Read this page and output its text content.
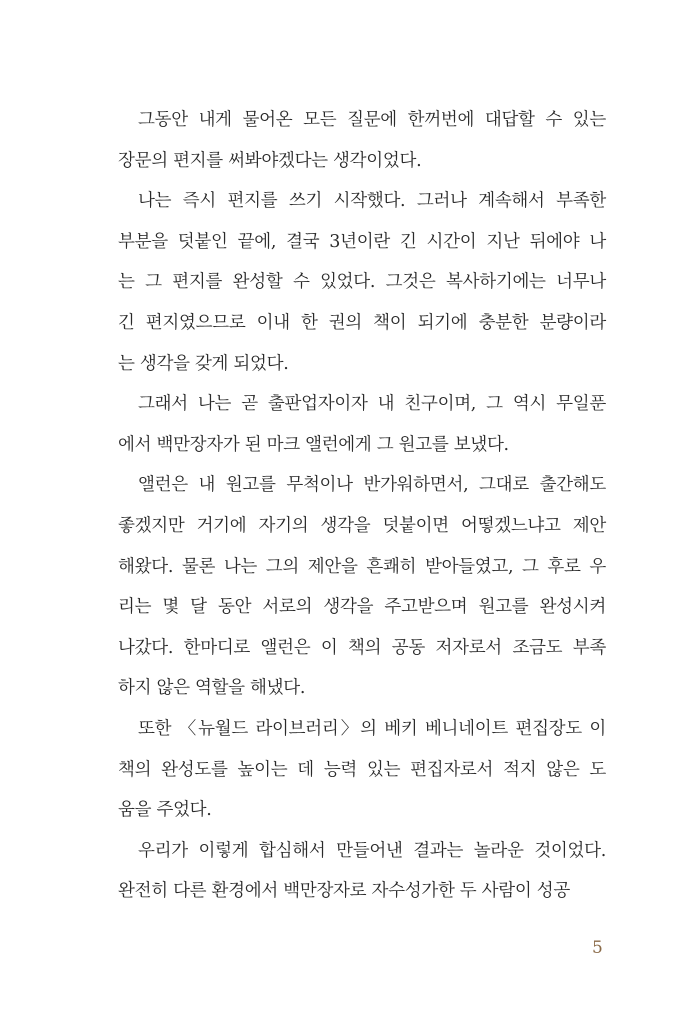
그동안 내게 물어온 모든 질문에 한꺼번에 대답할 수 있는
장문의 편지를 써봐야겠다는 생각이었다.
나는 즉시 편지를 쓰기 시작했다. 그러나 계속해서 부족한
부분을 덧붙인 끝에, 결국 3년이란 긴 시간이 지난 뒤에야 나
는 그 편지를 완성할 수 있었다. 그것은 복사하기에는 너무나
긴 편지였으므로 이내 한 권의 책이 되기에 충분한 분량이라
는 생각을 갖게 되었다.
그래서 나는 곧 출판업자이자 내 친구이며, 그 역시 무일푼
에서 백만장자가 된 마크 앨런에게 그 원고를 보냈다.
앨런은 내 원고를 무척이나 반가워하면서, 그대로 출간해도
좋겠지만 거기에 자기의 생각을 덧붙이면 어떻겠느냐고 제안
해왔다. 물론 나는 그의 제안을 흔쾌히 받아들였고, 그 후로 우
리는 몇 달 동안 서로의 생각을 주고받으며 원고를 완성시켜
나갔다. 한마디로 앨런은 이 책의 공동 저자로서 조금도 부족
하지 않은 역할을 해냈다.
또한 〈뉴월드 라이브러리〉의 베키 베니네이트 편집장도 이
책의 완성도를 높이는 데 능력 있는 편집자로서 적지 않은 도
움을 주었다.
우리가 이렇게 합심해서 만들어낸 결과는 놀라운 것이었다.
완전히 다른 환경에서 백만장자로 자수성가한 두 사람이 성공
5
